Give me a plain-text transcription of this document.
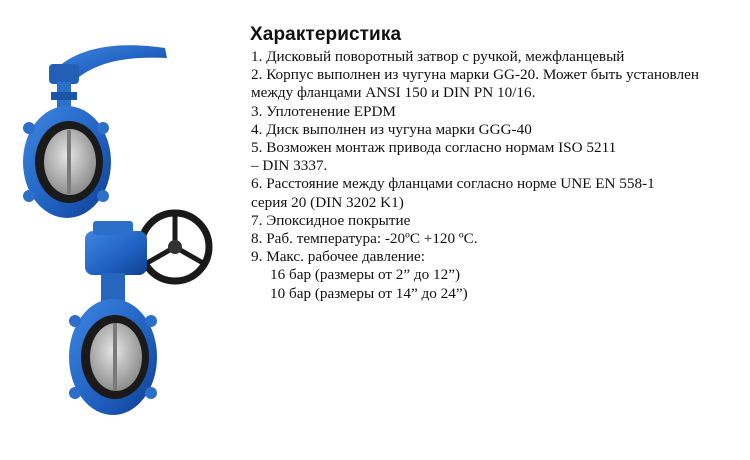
Характеристика
1. Дисковый поворотный затвор с ручкой, межфланцевый
2. Корпус выполнен из чугуна марки GG-20. Может быть установлен
между фланцами ANSI 150 и DIN PN 10/16.
3. Уплотенение EPDM
4. Диск выполнен из чугуна марки GGG-40
5. Возможен монтаж привода согласно нормам ISO 5211
– DIN 3337.
6. Расстояние между фланцами согласно норме UNE EN 558-1
серия 20 (DIN 3202 K1)
7. Эпоксидное покрытие
8. Раб. температура: -20ºC +120 ºC.
9. Макс. рабочее давление:
16 бар (размеры от 2” до 12”)
10 бар (размеры от 14” до 24”)
